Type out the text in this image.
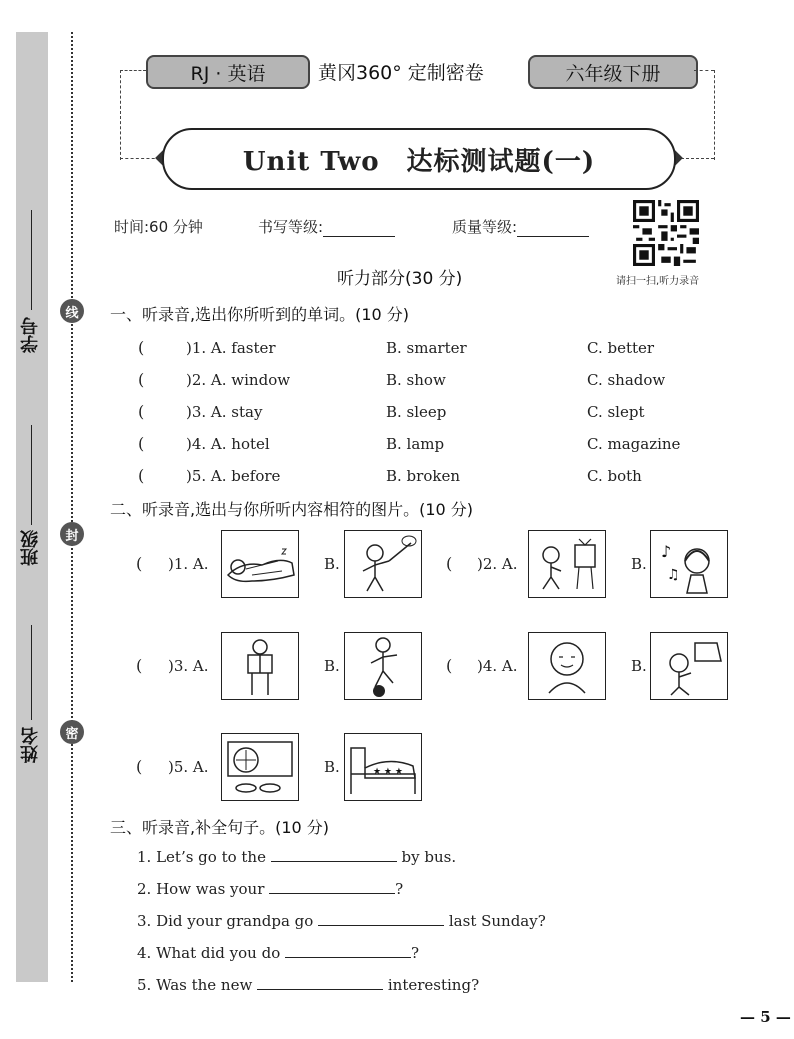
学号
班级
姓名
线
封
密
RJ · 英语	黄冈360° 定制密卷	六年级下册
Unit Two　达标测试题(一)
时间:60 分钟	书写等级:	质量等级:
请扫一扫,听力录音
听力部分(30 分)
一、听录音,选出你所听到的单词。(10 分)
(	)1. A. faster	B. smarter	C. better
(	)2. A. window	B. show	C. shadow
(	)3. A. stay	B. sleep	C. slept
(	)4. A. hotel	B. lamp	C. magazine
(	)5. A. before	B. broken	C. both
二、听录音,选出与你所听内容相符的图片。(10 分)
( )1. A.	B.	( )2. A.	B.
♪
♫
( )3. A.	B.	( )4. A.	B.
( )5. A.	B.	★ ★ ★
三、听录音,补全句子。(10 分)
1. Let’s go to the	by bus.
2. How was your	?
3. Did your grandpa go	last Sunday?
4. What did you do	?
5. Was the new	interesting?
— 5 —
